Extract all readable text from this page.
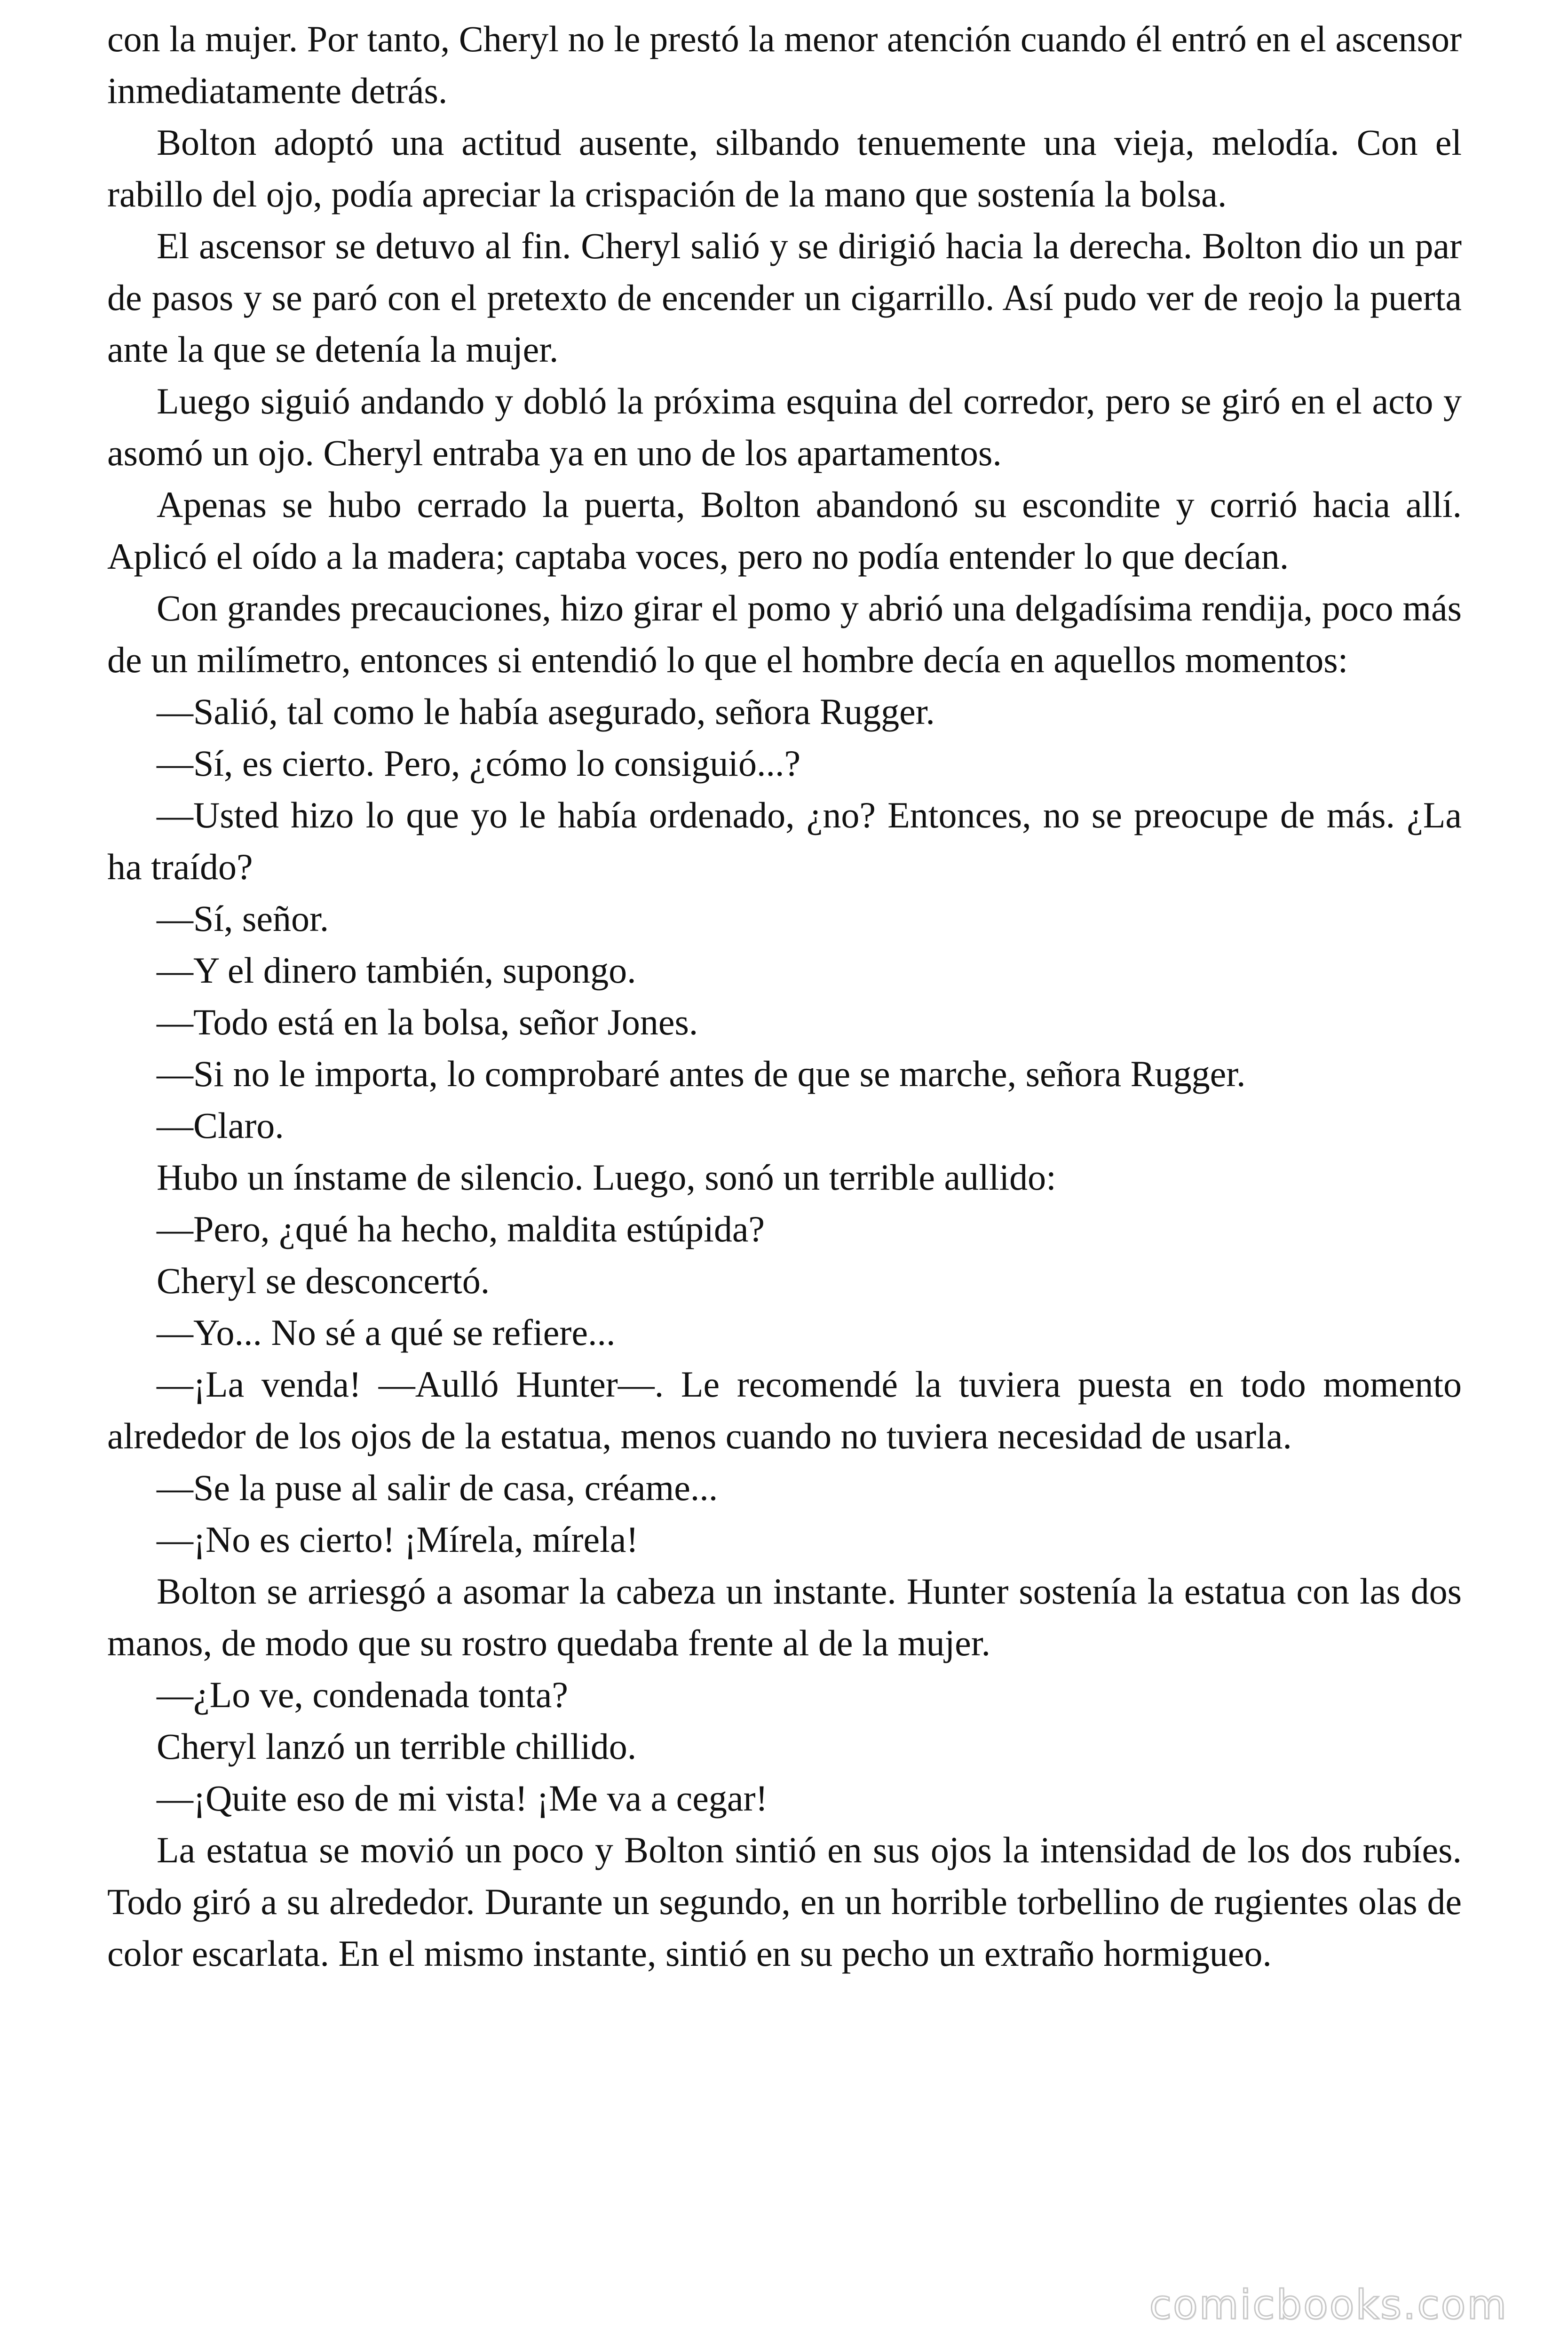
con la mujer. Por tanto, Cheryl no le prestó la menor atención cuando él entró en el ascensor inmediatamente detrás.

Bolton adoptó una actitud ausente, silbando tenuemente una vieja, melodía. Con el rabillo del ojo, podía apreciar la crispación de la mano que sostenía la bolsa.

El ascensor se detuvo al fin. Cheryl salió y se dirigió hacia la derecha. Bolton dio un par de pasos y se paró con el pretexto de encender un cigarrillo. Así pudo ver de reojo la puerta ante la que se detenía la mujer.

Luego siguió andando y dobló la próxima esquina del corredor, pero se giró en el acto y asomó un ojo. Cheryl entraba ya en uno de los apartamentos.

Apenas se hubo cerrado la puerta, Bolton abandonó su escondite y corrió hacia allí. Aplicó el oído a la madera; captaba voces, pero no podía entender lo que decían.

Con grandes precauciones, hizo girar el pomo y abrió una delgadísima rendija, poco más de un milímetro, entonces si entendió lo que el hombre decía en aquellos momentos:

—Salió, tal como le había asegurado, señora Rugger.

—Sí, es cierto. Pero, ¿cómo lo consiguió...?

—Usted hizo lo que yo le había ordenado, ¿no? Entonces, no se preocupe de más. ¿La ha traído?

—Sí, señor.

—Y el dinero también, supongo.

—Todo está en la bolsa, señor Jones.

—Si no le importa, lo comprobaré antes de que se marche, señora Rugger.

—Claro.

Hubo un ínstame de silencio. Luego, sonó un terrible aullido:

—Pero, ¿qué ha hecho, maldita estúpida?

Cheryl se desconcertó.

—Yo... No sé a qué se refiere...

—¡La venda! —Aulló Hunter—. Le recomendé la tuviera puesta en todo momento alrededor de los ojos de la estatua, menos cuando no tuviera necesidad de usarla.

—Se la puse al salir de casa, créame...

—¡No es cierto! ¡Mírela, mírela!

Bolton se arriesgó a asomar la cabeza un instante. Hunter sostenía la estatua con las dos manos, de modo que su rostro quedaba frente al de la mujer.

—¿Lo ve, condenada tonta?

Cheryl lanzó un terrible chillido.

—¡Quite eso de mi vista! ¡Me va a cegar!

La estatua se movió un poco y Bolton sintió en sus ojos la intensidad de los dos rubíes. Todo giró a su alrededor. Durante un segundo, en un horrible torbellino de rugientes olas de color escarlata. En el mismo instante, sintió en su pecho un extraño hormigueo.

comicbooks.com
